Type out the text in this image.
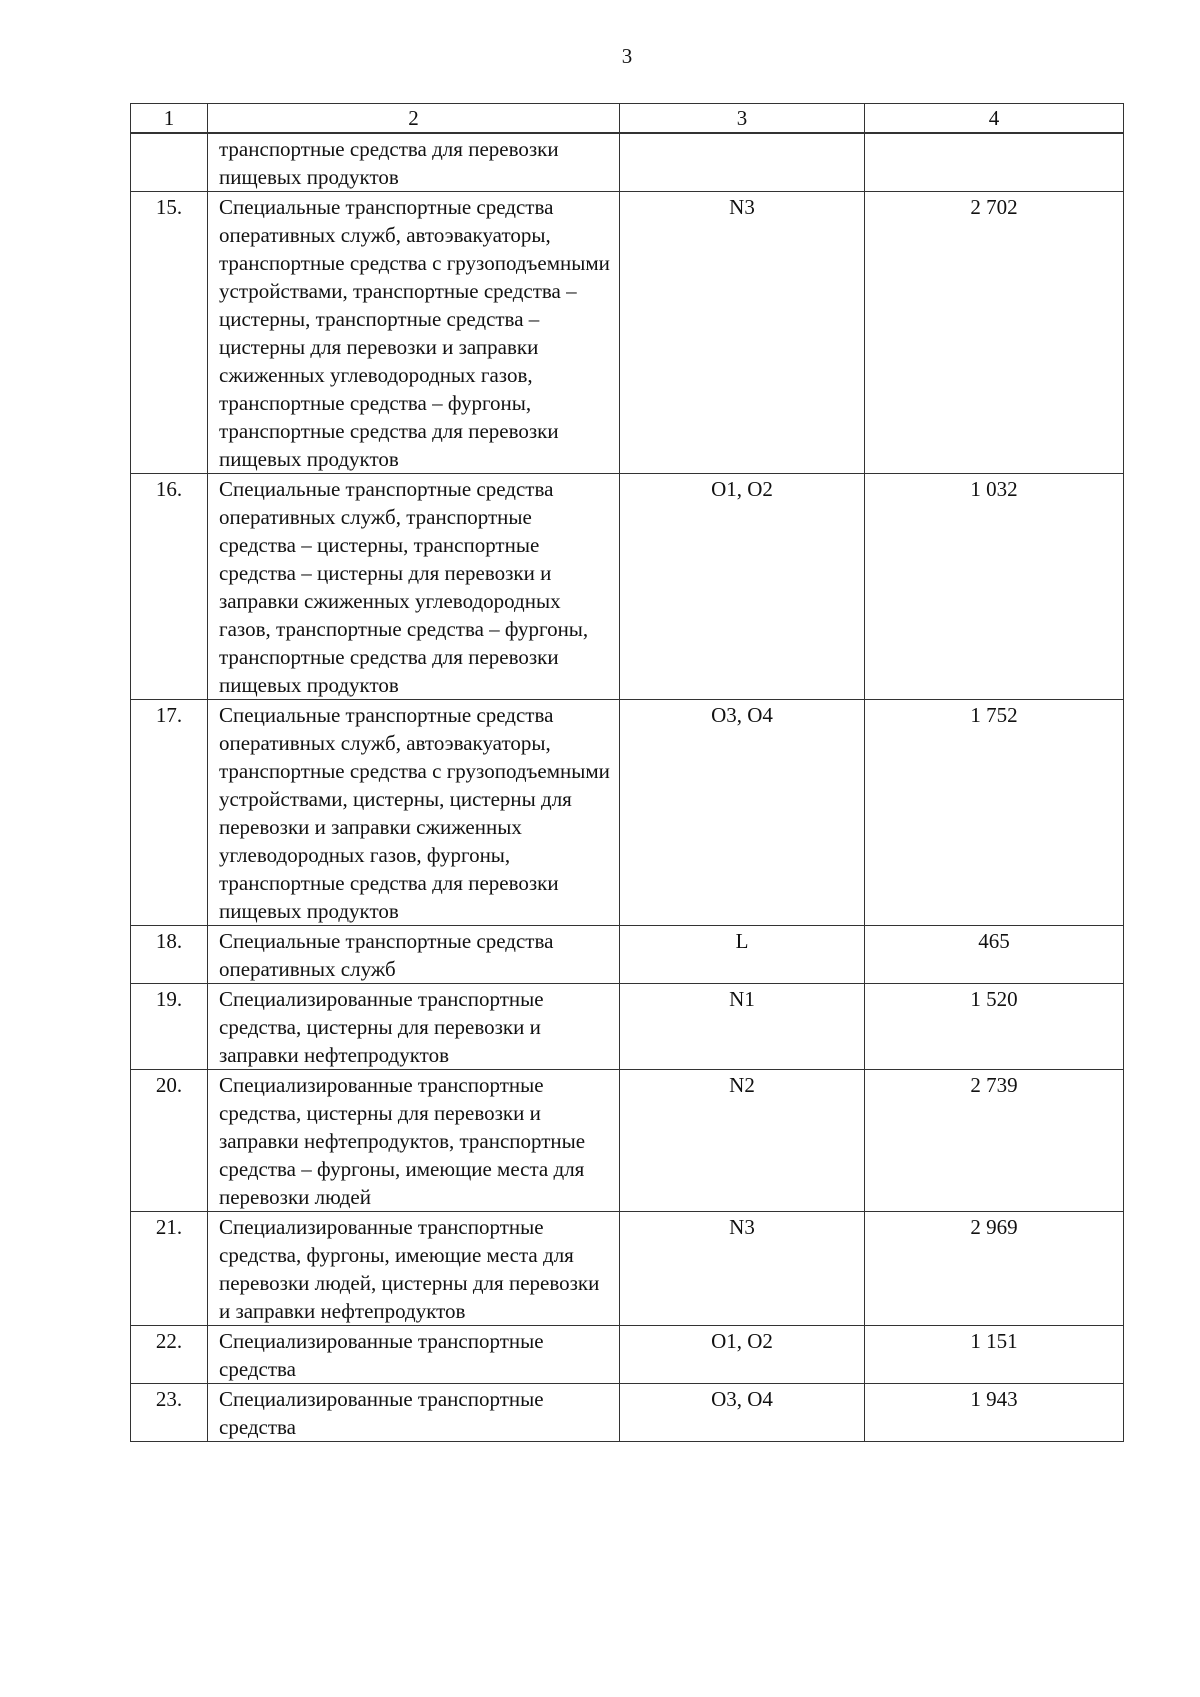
3
1	2	3	4
	транспортные средства для перевозки пищевых продуктов		
15.	Специальные транспортные средства оперативных служб, автоэвакуаторы, транспортные средства с грузоподъемными устройствами, транспортные средства – цистерны, транспортные средства – цистерны для перевозки и заправки сжиженных углеводородных газов, транспортные средства – фургоны, транспортные средства для перевозки пищевых продуктов	N3	2 702
16.	Специальные транспортные средства оперативных служб, транспортные средства – цистерны, транспортные средства – цистерны для перевозки и заправки сжиженных углеводородных газов, транспортные средства – фургоны, транспортные средства для перевозки пищевых продуктов	O1, O2	1 032
17.	Специальные транспортные средства оперативных служб, автоэвакуаторы, транспортные средства с грузоподъемными устройствами, цистерны, цистерны для перевозки и заправки сжиженных углеводородных газов, фургоны, транспортные средства для перевозки пищевых продуктов	O3, O4	1 752
18.	Специальные транспортные средства оперативных служб	L	465
19.	Специализированные транспортные средства, цистерны для перевозки и заправки нефтепродуктов	N1	1 520
20.	Специализированные транспортные средства, цистерны для перевозки и заправки нефтепродуктов, транспортные средства – фургоны, имеющие места для перевозки людей	N2	2 739
21.	Специализированные транспортные средства, фургоны, имеющие места для перевозки людей, цистерны для перевозки и заправки нефтепродуктов	N3	2 969
22.	Специализированные транспортные средства	O1, O2	1 151
23.	Специализированные транспортные средства	O3, O4	1 943
